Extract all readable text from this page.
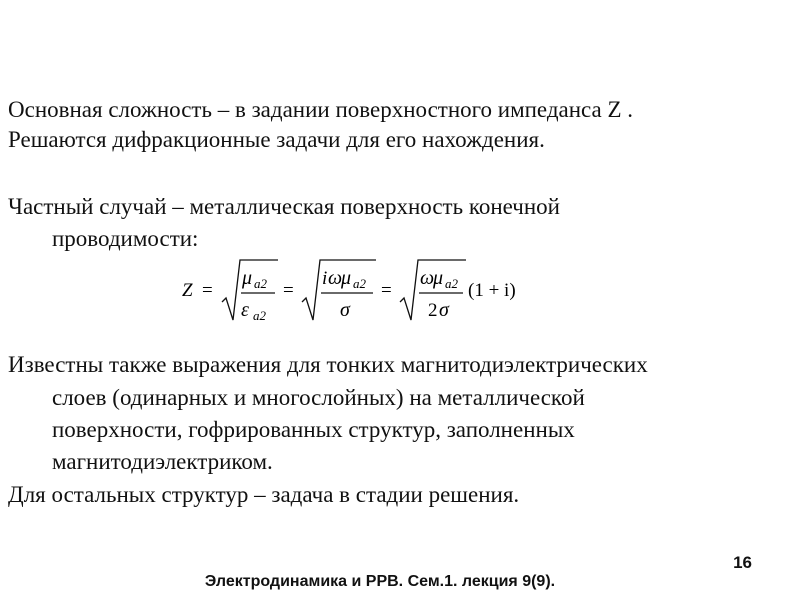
Основная сложность – в задании поверхностного импеданса Z .
Решаются дифракционные задачи для его нахождения.
Частный случай – металлическая поверхность конечной
проводимости:
Z =
μ a2
ε a2
=
i ω
μ a2
σ
=
ω
μ a2
2 σ
(1 + i)
Известны также выражения для тонких магнитодиэлектрических
слоев (одинарных и многослойных) на металлической
поверхности, гофрированных структур, заполненных
магнитодиэлектриком.
Для остальных структур – задача в стадии решения.
16
Электродинамика и РРВ. Сем.1. лекция 9(9).
